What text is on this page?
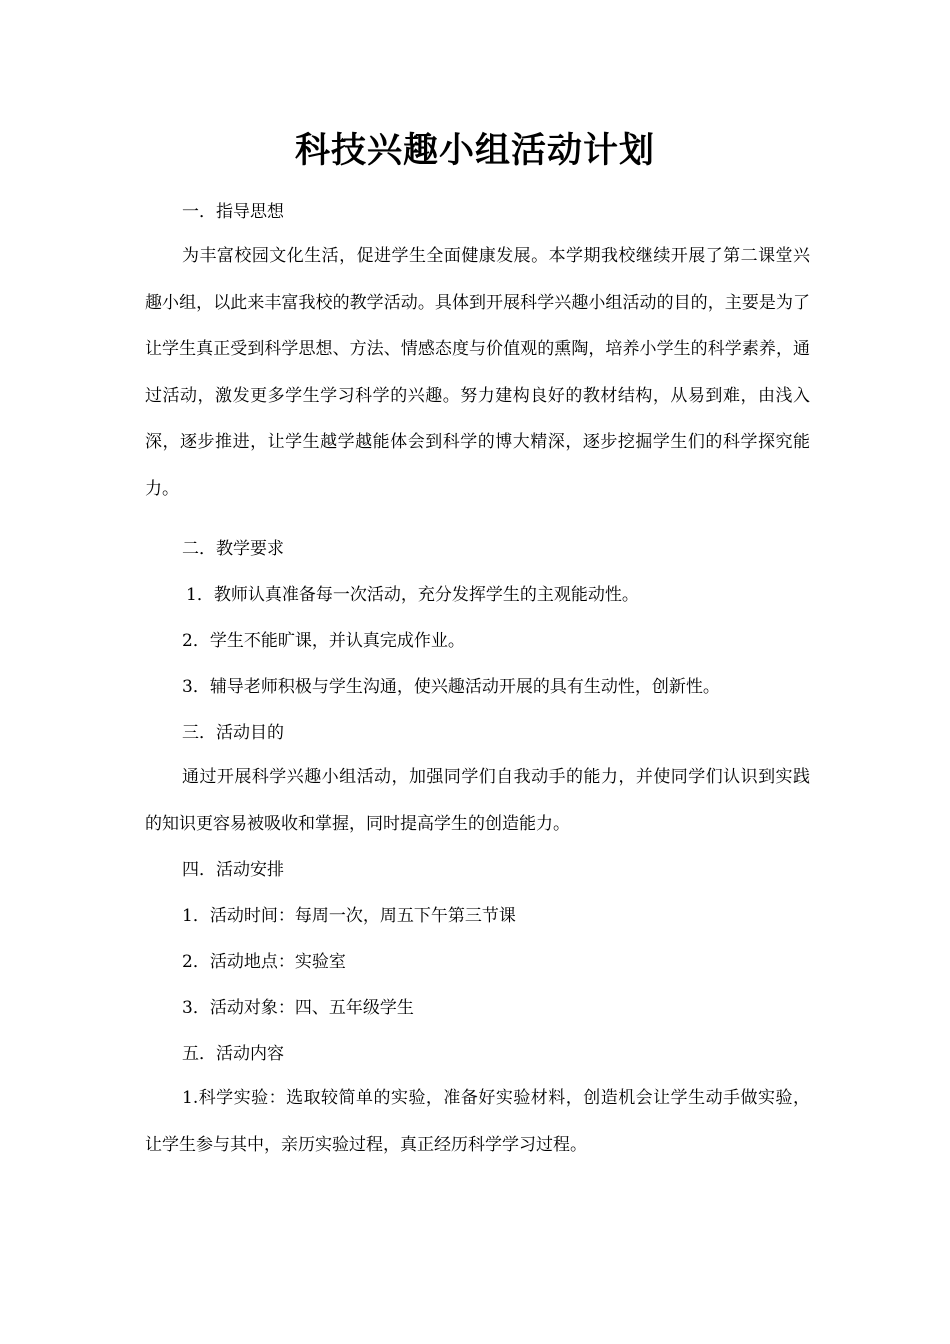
科技兴趣小组活动计划

一．指导思想

为丰富校园文化生活，促进学生全面健康发展。本学期我校继续开展了第二课堂兴趣小组，以此来丰富我校的教学活动。具体到开展科学兴趣小组活动的目的，主要是为了让学生真正受到科学思想、方法、情感态度与价值观的熏陶，培养小学生的科学素养，通过活动，激发更多学生学习科学的兴趣。努力建构良好的教材结构，从易到难，由浅入深，逐步推进，让学生越学越能体会到科学的博大精深，逐步挖掘学生们的科学探究能力。

二．教学要求

1．教师认真准备每一次活动，充分发挥学生的主观能动性。

2．学生不能旷课，并认真完成作业。

3．辅导老师积极与学生沟通，使兴趣活动开展的具有生动性，创新性。

三．活动目的

通过开展科学兴趣小组活动，加强同学们自我动手的能力，并使同学们认识到实践的知识更容易被吸收和掌握，同时提高学生的创造能力。

四．活动安排

1．活动时间：每周一次，周五下午第三节课

2．活动地点：实验室

3．活动对象：四、五年级学生

五．活动内容

1.科学实验：选取较简单的实验，准备好实验材料，创造机会让学生动手做实验，让学生参与其中，亲历实验过程，真正经历科学学习过程。
